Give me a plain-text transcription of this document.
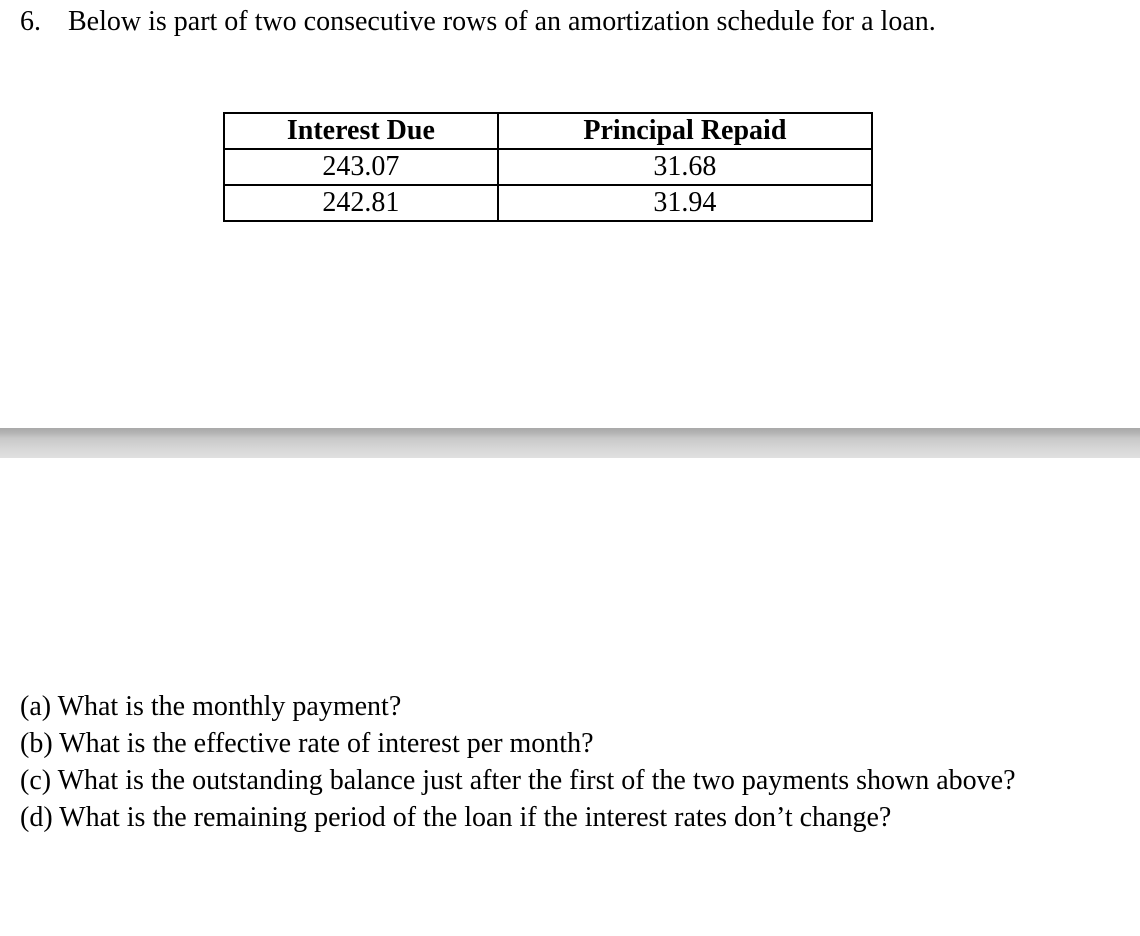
6. Below is part of two consecutive rows of an amortization schedule for a loan.
Interest Due	Principal Repaid
243.07	31.68
242.81	31.94

(a) What is the monthly payment?

(b) What is the effective rate of interest per month?

(c) What is the outstanding balance just after the first of the two payments shown above?

(d) What is the remaining period of the loan if the interest rates don’t change?
